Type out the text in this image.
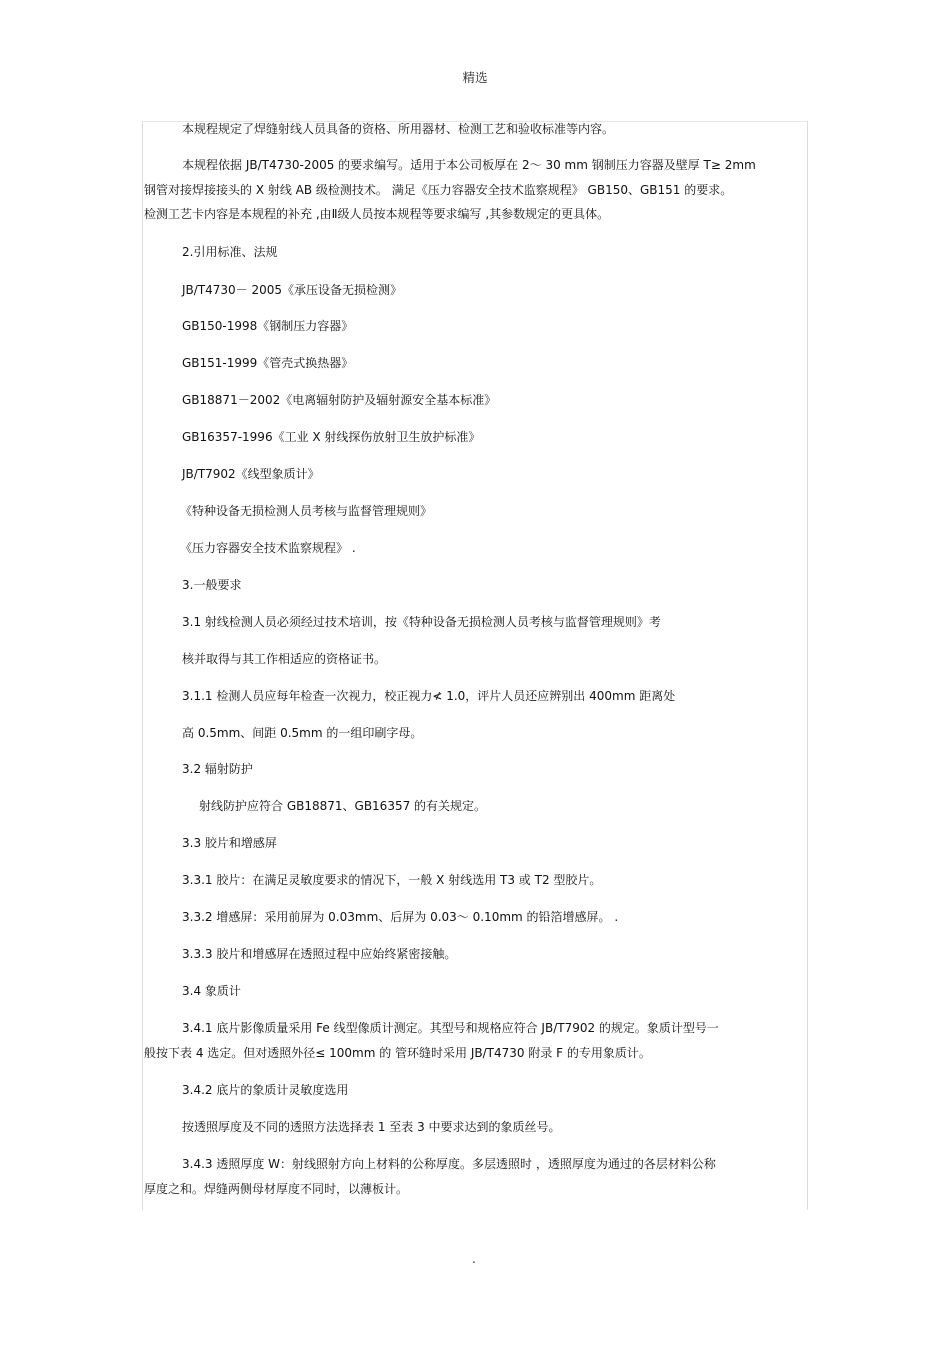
精选
本规程规定了焊缝射线人员具备的资格、所用器材、检测工艺和验收标准等内容。
本规程依据 JB/T4730-2005 的要求编写。适用于本公司板厚在 2～ 30 mm 钢制压力容器及壁厚 T≥ 2mm
钢管对接焊接接头的 X 射线 AB 级检测技术。 满足《压力容器安全技术监察规程》 GB150、GB151 的要求。
检测工艺卡内容是本规程的补充 ,由Ⅱ级人员按本规程等要求编写 ,其参数规定的更具体。
2.引用标准、法规
JB/T4730－ 2005《承压设备无损检测》
GB150-1998《钢制压力容器》
GB151-1999《管壳式换热器》
GB18871－2002《电离辐射防护及辐射源安全基本标准》
GB16357-1996《工业 X 射线探伤放射卫生放护标准》
JB/T7902《线型象质计》
《特种设备无损检测人员考核与监督管理规则》
《压力容器安全技术监察规程》 .
3.一般要求
3.1 射线检测人员必须经过技术培训，按《特种设备无损检测人员考核与监督管理规则》考
核并取得与其工作相适应的资格证书。
3.1.1 检测人员应每年检查一次视力，校正视力≮ 1.0，评片人员还应辨别出 400mm 距离处
高 0.5mm、间距 0.5mm 的一组印刷字母。
3.2 辐射防护
射线防护应符合 GB18871、GB16357 的有关规定。
3.3 胶片和增感屏
3.3.1 胶片：在满足灵敏度要求的情况下，一般 X 射线选用 T3 或 T2 型胶片。
3.3.2 增感屏：采用前屏为 0.03mm、后屏为 0.03～ 0.10mm 的铅箔增感屏。 .
3.3.3 胶片和增感屏在透照过程中应始终紧密接触。
3.4 象质计
3.4.1 底片影像质量采用 Fe 线型像质计测定。其型号和规格应符合 JB/T7902 的规定。象质计型号一
般按下表 4 选定。但对透照外径≤ 100mm 的 管环缝时采用 JB/T4730 附录 F 的专用象质计。
3.4.2 底片的象质计灵敏度选用
按透照厚度及不同的透照方法选择表 1 至表 3 中要求达到的象质丝号。
3.4.3 透照厚度 W：射线照射方向上材料的公称厚度。多层透照时 ，透照厚度为通过的各层材料公称
厚度之和。焊缝两侧母材厚度不同时，以薄板计。
.
